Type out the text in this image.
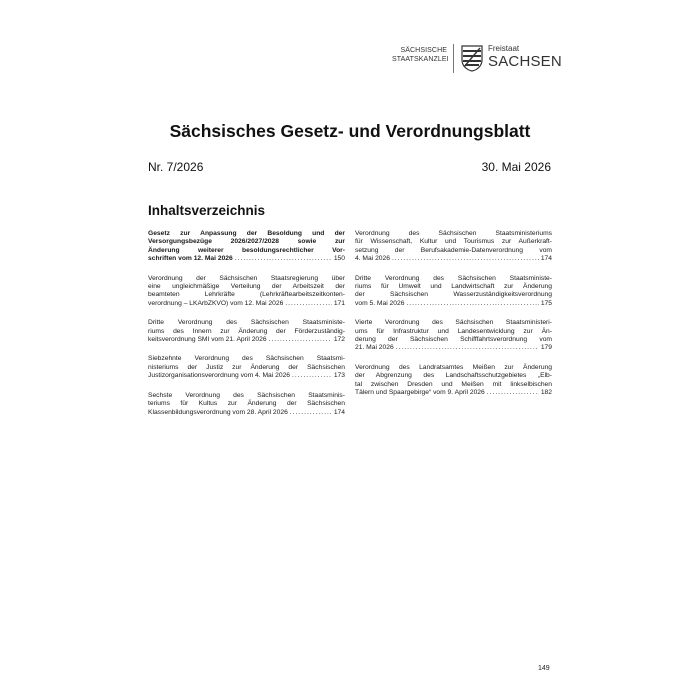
SÄCHSISCHE
STAATSKANZLEI
Freistaat
SACHSEN
Sächsisches Gesetz- und Verordnungsblatt
Nr. 7/2026	30. Mai 2026
Inhaltsverzeichnis
Gesetz zur Anpassung der Besoldung und der
Versorgungsbezüge 2026/2027/2028 sowie zur
Änderung weiterer besoldungsrechtlicher Vor-
schriften vom 12. Mai 2026 .....	150
Verordnung der Sächsischen Staatsregierung über
eine ungleichmäßige Verteilung der Arbeitszeit der
beamteten Lehrkräfte (Lehrkräftearbeitszeitkonten-
verordnung – LKArbZKVO) vom 12. Mai 2026 .....	171
Dritte Verordnung des Sächsischen Staatsministe-
riums des Innern zur Änderung der Förderzuständig-
keitsverordnung SMI vom 21. April 2026 .....	172
Siebzehnte Verordnung des Sächsischen Staatsmi-
nisteriums der Justiz zur Änderung der Sächsischen
Justizorganisationsverordnung vom 4. Mai 2026 .....	173
Sechste Verordnung des Sächsischen Staatsminis-
teriums für Kultus zur Änderung der Sächsischen
Klassenbildungsverordnung vom 28. April 2026 .....	174
Verordnung des Sächsischen Staatsministeriums
für Wissenschaft, Kultur und Tourismus zur Außerkraft-
setzung der Berufsakademie-Datenverordnung vom
4. Mai 2026 .....	174
Dritte Verordnung des Sächsischen Staatsministe-
riums für Umwelt und Landwirtschaft zur Änderung
der Sächsischen Wasserzuständigkeitsverordnung
vom 5. Mai 2026 .....	175
Vierte Verordnung des Sächsischen Staatsministeri-
ums für Infrastruktur und Landesentwicklung zur Än-
derung der Sächsischen Schifffahrtsverordnung vom
21. Mai 2026 .....	179
Verordnung des Landratsamtes Meißen zur Änderung
der Abgrenzung des Landschaftsschutzgebietes „Elb-
tal zwischen Dresden und Meißen mit linkselbischen
Tälern und Spaargebirge“ vom 9. April 2026 .....	182
149
